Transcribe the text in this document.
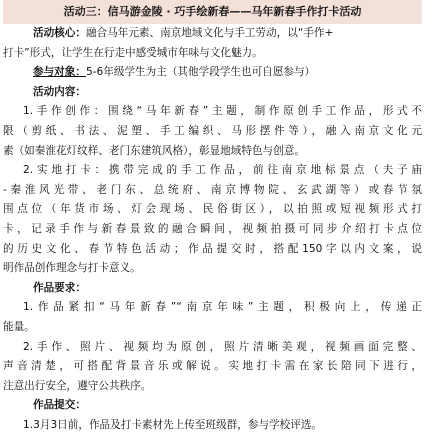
活动三：信马游金陵 · 巧手绘新春——马年新春手作打卡活动
活动核心：融合马年元素、南京地域文化与手工劳动，以“手作+
打卡”形式，让学生在行走中感受城市年味与文化魅力。
参与对象：5-6年级学生为主（其他学段学生也可自愿参与）
活动内容：
1.手作创作：围绕“马年新春”主题，制作原创手工作品，形式不
限（剪纸、书法、泥塑、手工编织、马形摆件等），融入南京文化元
素（如秦淮花灯纹样、老门东建筑风格），彰显地域特色与创意。
2.实地打卡：携带完成的手工作品，前往南京地标景点（夫子庙
-秦淮风光带、老门东、总统府、南京博物院、玄武湖等）或春节氛
围点位（年货市场、灯会现场、民俗街区），以拍照或短视频形式打
卡，记录手作与新春景致的融合瞬间，视频拍摄可同步介绍打卡点位
的历史文化、春节特色活动；作品提交时，搭配150字以内文案，说
明作品创作理念与打卡意义。
作品要求：
1.作品紧扣“马年新春”“南京年味”主题，积极向上，传递正
能量。
2.手作、照片、视频均为原创，照片清晰美观，视频画面完整、
声音清楚，可搭配背景音乐或解说。实地打卡需在家长陪同下进行，
注意出行安全，遵守公共秩序。
作品提交：
1.3月3日前，作品及打卡素材先上传至班级群，参与学校评选。
